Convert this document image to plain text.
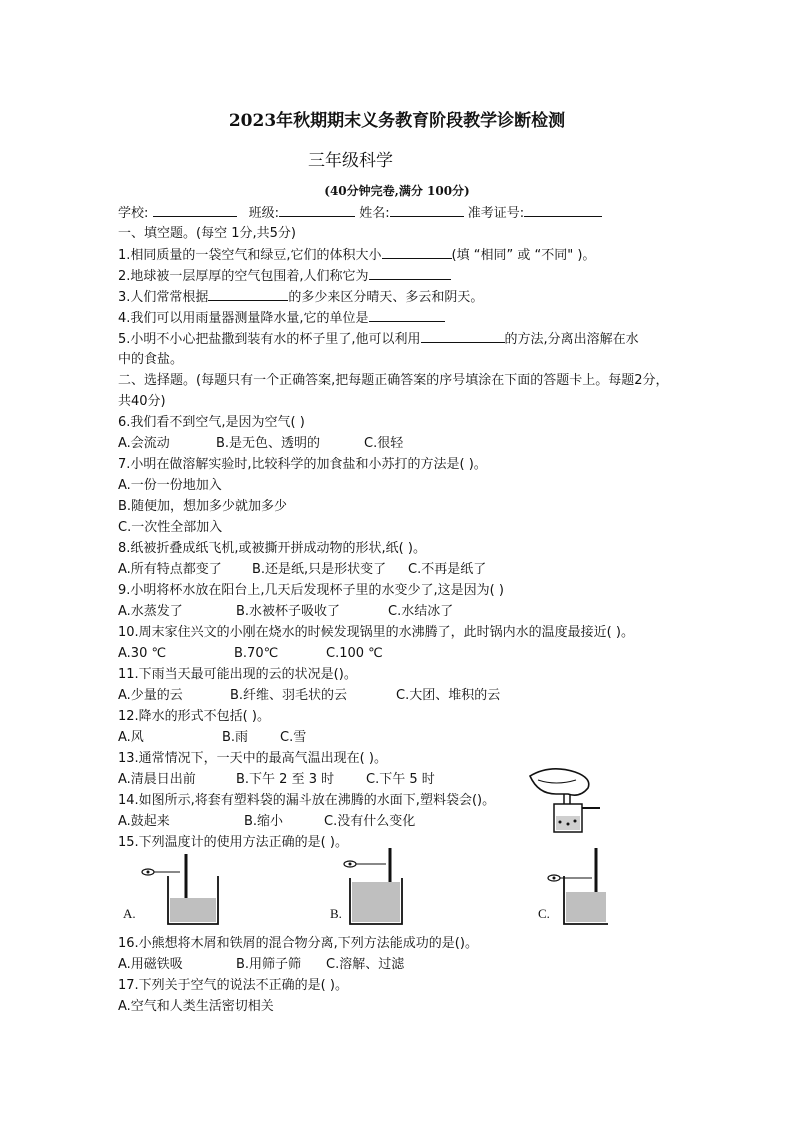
2023年秋期期末义务教育阶段教学诊断检测
三年级科学
(40分钟完卷,满分 100分)
学校:	班级:	姓名:	准考证号:
一、填空题。(每空 1分,共5分)
1.相同质量的一袋空气和绿豆,它们的体积大小	(填 “相同” 或 “不同" )。
2.地球被一层厚厚的空气包围着,人们称它为
3.人们常常根据	的多少来区分晴天、多云和阴天。
4.我们可以用雨量器测量降水量,它的单位是
5.小明不小心把盐撒到装有水的杯子里了,他可以利用	的方法,分离出溶解在水
中的食盐。
二、选择题。(每题只有一个正确答案,把每题正确答案的序号填涂在下面的答题卡上。每题2分，共40分)
6.我们看不到空气,是因为空气( )
A.会流动	B.是无色、透明的	C.很轻
7.小明在做溶解实验时,比较科学的加食盐和小苏打的方法是( )。
A.一份一份地加入
B.随便加，想加多少就加多少
C.一次性全部加入
8.纸被折叠成纸飞机,或被撕开拼成动物的形状,纸( )。
A.所有特点都变了 B.还是纸,只是形状变了 C.不再是纸了
9.小明将杯水放在阳台上,几天后发现杯子里的水变少了,这是因为( )
A.水蒸发了	B.水被杯子吸收了	C.水结冰了
10.周末家住兴文的小刚在烧水的时候发现锅里的水沸腾了，此时锅内水的温度最接近( )。
A.30 ℃	B.70℃	C.100 ℃
11.下雨当天最可能出现的云的状况是()。
A.少量的云	B.纤维、羽毛状的云	C.大团、堆积的云
12.降水的形式不包括( )。
A.风	B.雨 C.雪
13.通常情况下，一天中的最高气温出现在( )。
A.清晨日出前	B.下午 2 至 3 时 C.下午 5 时
14.如图所示,将套有塑料袋的漏斗放在沸腾的水面下,塑料袋会()。
A.鼓起来	B.缩小	C.没有什么变化
15.下列温度计的使用方法正确的是( )。
16.小熊想将木屑和铁屑的混合物分离,下列方法能成功的是()。
A.用磁铁吸	B.用筛子筛 C.溶解、过滤
17.下列关于空气的说法不正确的是( )。
A.空气和人类生活密切相关
A.	B.	C.
